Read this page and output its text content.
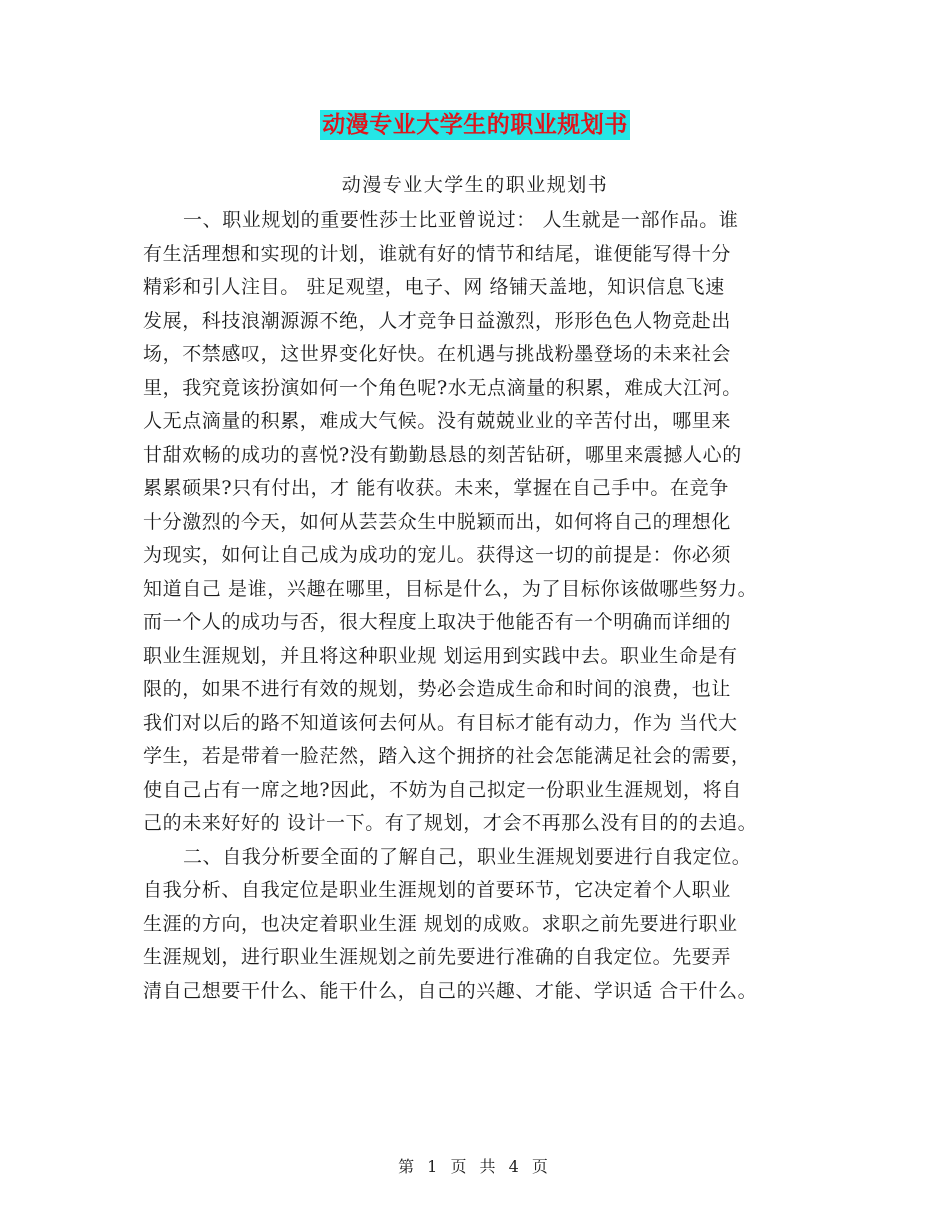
动漫专业大学生的职业规划书
动漫专业大学生的职业规划书
一、职业规划的重要性莎士比亚曾说过： 人生就是一部作品。谁
有生活理想和实现的计划，谁就有好的情节和结尾，谁便能写得十分
精彩和引人注目。 驻足观望，电子、网 络铺天盖地，知识信息飞速
发展，科技浪潮源源不绝，人才竞争日益激烈，形形色色人物竞赴出
场，不禁感叹，这世界变化好快。在机遇与挑战粉墨登场的未来社会
里，我究竟该扮演如何一个角色呢?水无点滴量的积累，难成大江河。
人无点滴量的积累，难成大气候。没有兢兢业业的辛苦付出，哪里来
甘甜欢畅的成功的喜悦?没有勤勤恳恳的刻苦钻研，哪里来震撼人心的
累累硕果?只有付出，才 能有收获。未来，掌握在自己手中。在竞争
十分激烈的今天，如何从芸芸众生中脱颖而出，如何将自己的理想化
为现实，如何让自己成为成功的宠儿。获得这一切的前提是：你必须
知道自己 是谁，兴趣在哪里，目标是什么，为了目标你该做哪些努力。
而一个人的成功与否，很大程度上取决于他能否有一个明确而详细的
职业生涯规划，并且将这种职业规 划运用到实践中去。职业生命是有
限的，如果不进行有效的规划，势必会造成生命和时间的浪费，也让
我们对以后的路不知道该何去何从。有目标才能有动力，作为 当代大
学生，若是带着一脸茫然，踏入这个拥挤的社会怎能满足社会的需要，
使自己占有一席之地?因此，不妨为自己拟定一份职业生涯规划，将自
己的未来好好的 设计一下。有了规划，才会不再那么没有目的的去追。
二、自我分析要全面的了解自己，职业生涯规划要进行自我定位。
自我分析、自我定位是职业生涯规划的首要环节，它决定着个人职业
生涯的方向，也决定着职业生涯 规划的成败。求职之前先要进行职业
生涯规划，进行职业生涯规划之前先要进行准确的自我定位。先要弄
清自己想要干什么、能干什么，自己的兴趣、才能、学识适 合干什么。
第 1 页 共 4 页
